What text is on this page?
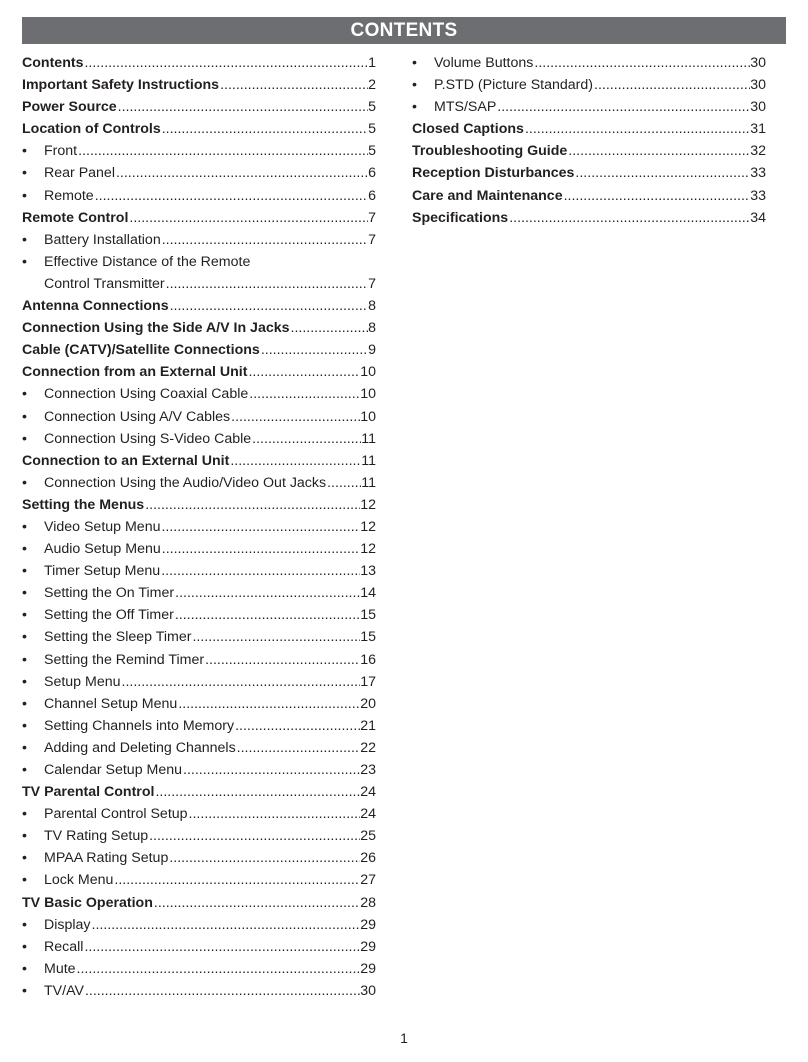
CONTENTS
Contents .....	1
Important Safety Instructions .....	2
Power Source .....	5
Location of Controls .....	5
•	Front .....	5
•	Rear Panel .....	6
•	Remote .....	6
Remote Control .....	7
•	Battery Installation .....	7
•	Effective Distance of the Remote
Control Transmitter .....	7
Antenna Connections .....	8
Connection Using the Side A/V In Jacks .....	8
Cable (CATV)/Satellite Connections .....	9
Connection from an External Unit .....	10
•	Connection Using Coaxial Cable .....	10
•	Connection Using A/V Cables .....	10
•	Connection Using S-Video Cable .....	11
Connection to an External Unit .....	11
•	Connection Using the Audio/Video Out Jacks ..... 11
Setting the Menus .....	12
•	Video Setup Menu .....	12
•	Audio Setup Menu .....	12
•	Timer Setup Menu .....	13
•	Setting the On Timer .....	14
•	Setting the Off Timer .....	15
•	Setting the Sleep Timer .....	15
•	Setting the Remind Timer .....	16
•	Setup Menu .....	17
•	Channel Setup Menu .....	20
•	Setting Channels into Memory .....	21
•	Adding and Deleting Channels .....	22
•	Calendar Setup Menu .....	23
TV Parental Control .....	24
•	Parental Control Setup .....	24
•	TV Rating Setup .....	25
•	MPAA Rating Setup .....	26
•	Lock Menu .....	27
TV Basic Operation .....	28
•	Display .....	29
•	Recall .....	29
•	Mute .....	29
•	TV/AV .....	30
•	Volume Buttons .....	30
•	P.STD (Picture Standard) .....	30
•	MTS/SAP .....	30
Closed Captions .....	31
Troubleshooting Guide .....	32
Reception Disturbances .....	33
Care and Maintenance .....	33
Specifications .....	34
1
